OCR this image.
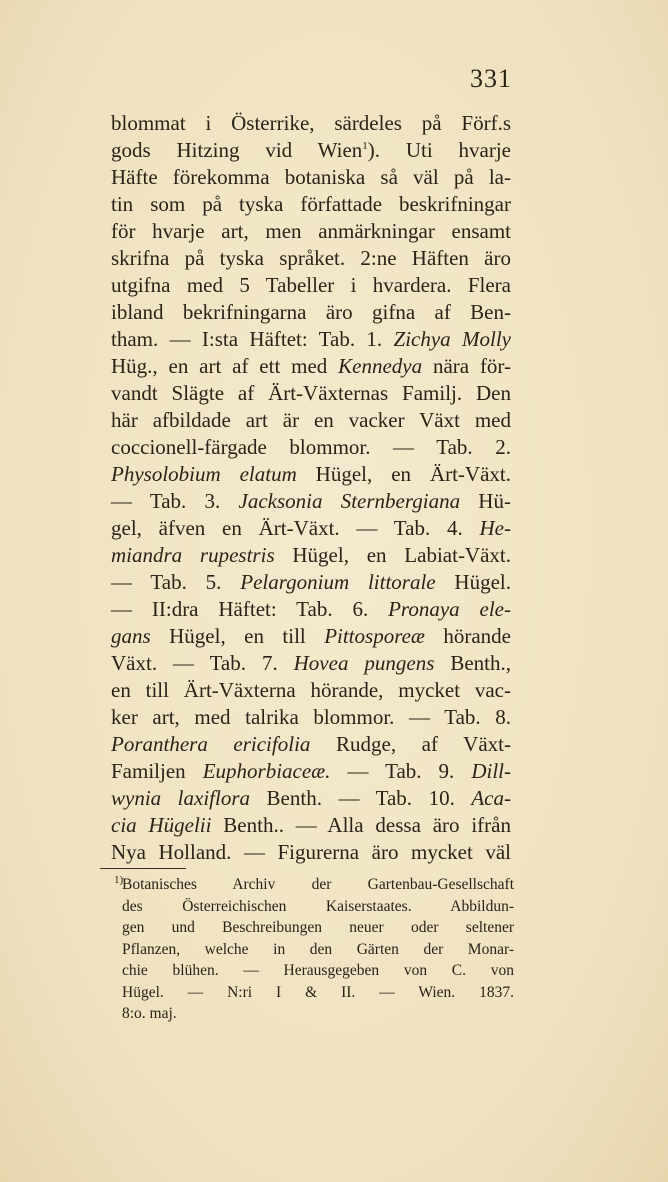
331
blommat i Österrike, särdeles på Förf.s
gods Hitzing vid Wien$^1$). Uti hvarje
Häfte förekomma botaniska så väl på la-
tin som på tyska författade beskrifningar
för hvarje art, men anmärkningar ensamt
skrifna på tyska språket. 2:ne Häften äro
utgifna med 5 Tabeller i hvardera. Flera
ibland bekrifningarna äro gifna af Ben-
tham. — I:sta Häftet: Tab. 1. Zichya Molly
Hüg., en art af ett med Kennedya nära för-
vandt Slägte af Ärt-Växternas Familj. Den
här afbildade art är en vacker Växt med
coccionell-färgade blommor. — Tab. 2.
Physolobium elatum Hügel, en Ärt-Växt.
— Tab. 3. Jacksonia Sternbergiana Hü-
gel, äfven en Ärt-Växt. — Tab. 4. He-
miandra rupestris Hügel, en Labiat-Växt.
— Tab. 5. Pelargonium littorale Hügel.
— II:dra Häftet: Tab. 6. Pronaya ele-
gans Hügel, en till Pittosporeæ hörande
Växt. — Tab. 7. Hovea pungens Benth.,
en till Ärt-Växterna hörande, mycket vac-
ker art, med talrika blommor. — Tab. 8.
Poranthera ericifolia Rudge, af Växt-
Familjen Euphorbiaceæ. — Tab. 9. Dill-
wynia laxiflora Benth. — Tab. 10. Aca-
cia Hügelii Benth.. — Alla dessa äro ifrån
Nya Holland. — Figurerna äro mycket väl
Botanisches Archiv der Gartenbau-Gesellschaft
1)
des Österreichischen Kaiserstaates. Abbildun-
gen und Beschreibungen neuer oder seltener
Pflanzen, welche in den Gärten der Monar-
chie blühen. — Herausgegeben von C. von
Hügel. — N:ri I & II. — Wien. 1837.
8:o. maj.
